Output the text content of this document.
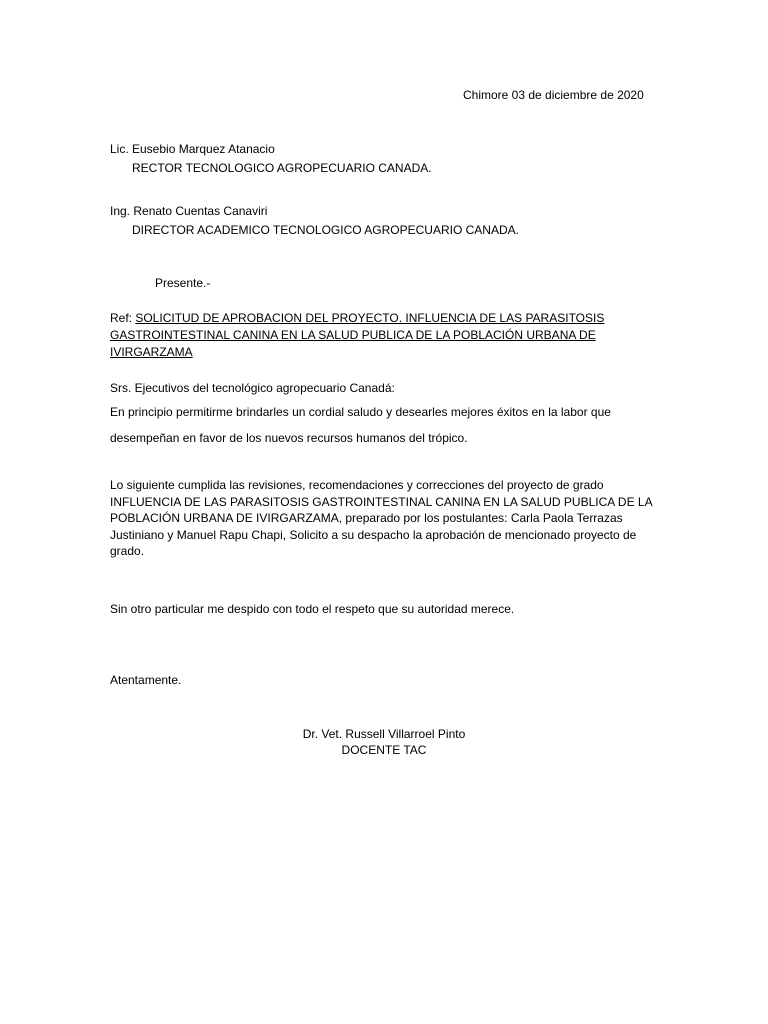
Chimore 03 de diciembre de 2020
Lic. Eusebio Marquez Atanacio
RECTOR TECNOLOGICO AGROPECUARIO CANADA.
Ing. Renato Cuentas Canaviri
DIRECTOR ACADEMICO TECNOLOGICO AGROPECUARIO CANADA.
Presente.-
Ref: SOLICITUD DE APROBACION DEL PROYECTO. INFLUENCIA DE LAS PARASITOSIS GASTROINTESTINAL CANINA EN LA SALUD PUBLICA DE LA POBLACIÓN URBANA DE IVIRGARZAMA
Srs. Ejecutivos del tecnológico agropecuario Canadá:
En principio permitirme brindarles un cordial saludo y desearles mejores éxitos en la labor que
desempeñan en favor de los nuevos recursos humanos del trópico.
Lo siguiente cumplida las revisiones, recomendaciones y correcciones del proyecto de grado INFLUENCIA DE LAS PARASITOSIS GASTROINTESTINAL CANINA EN LA SALUD PUBLICA DE LA POBLACIÓN URBANA DE IVIRGARZAMA, preparado por los postulantes: Carla Paola Terrazas Justiniano y Manuel Rapu Chapi, Solicito a su despacho la aprobación de mencionado proyecto de grado.
Sin otro particular me despido con todo el respeto que su autoridad merece.
Atentamente.
Dr. Vet. Russell Villarroel Pinto
DOCENTE TAC
